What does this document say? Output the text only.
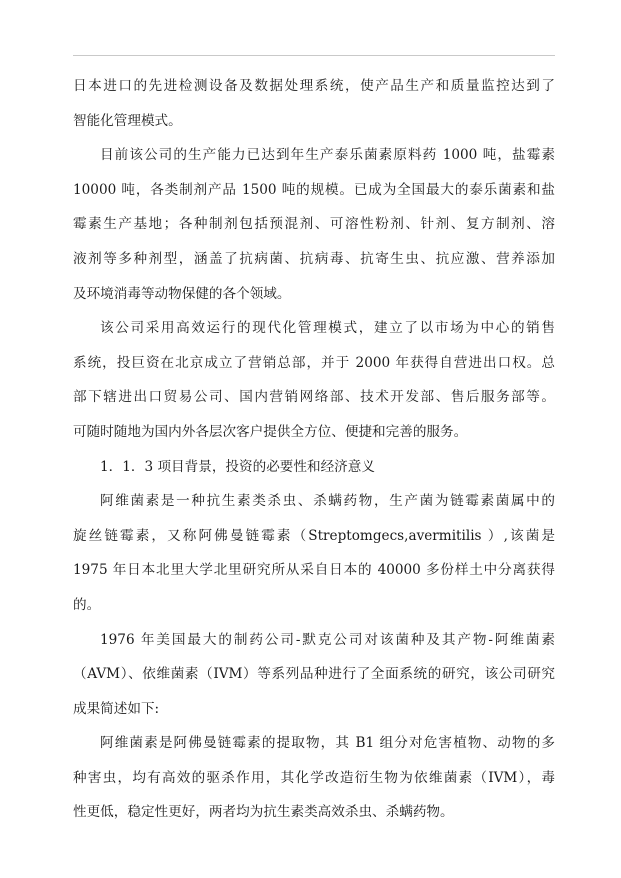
日本进口的先进检测设备及数据处理系统，使产品生产和质量监控达到了
智能化管理模式。
目前该公司的生产能力已达到年生产泰乐菌素原料药 1000 吨，盐霉素
10000 吨，各类制剂产品 1500 吨的规模。已成为全国最大的泰乐菌素和盐
霉素生产基地；各种制剂包括预混剂、可溶性粉剂、针剂、复方制剂、溶
液剂等多种剂型，涵盖了抗病菌、抗病毒、抗寄生虫、抗应激、营养添加
及环境消毒等动物保健的各个领域。
该公司采用高效运行的现代化管理模式，建立了以市场为中心的销售
系统，投巨资在北京成立了营销总部，并于 2000 年获得自营进出口权。总
部下辖进出口贸易公司、国内营销网络部、技术开发部、售后服务部等。
可随时随地为国内外各层次客户提供全方位、便捷和完善的服务。
1．1．3 项目背景，投资的必要性和经济意义
阿维菌素是一种抗生素类杀虫、杀螨药物，生产菌为链霉素菌属中的
旋丝链霉素，又称阿佛曼链霉素（Streptomgecs,avermitilis ）,该菌是
1975 年日本北里大学北里研究所从采自日本的 40000 多份样土中分离获得
的。
1976 年美国最大的制药公司-默克公司对该菌种及其产物-阿维菌素
（AVM）、依维菌素（IVM）等系列品种进行了全面系统的研究，该公司研究
成果简述如下:
阿维菌素是阿佛曼链霉素的提取物，其 B1 组分对危害植物、动物的多
种害虫，均有高效的驱杀作用，其化学改造衍生物为依维菌素（IVM），毒
性更低，稳定性更好，两者均为抗生素类高效杀虫、杀螨药物。
